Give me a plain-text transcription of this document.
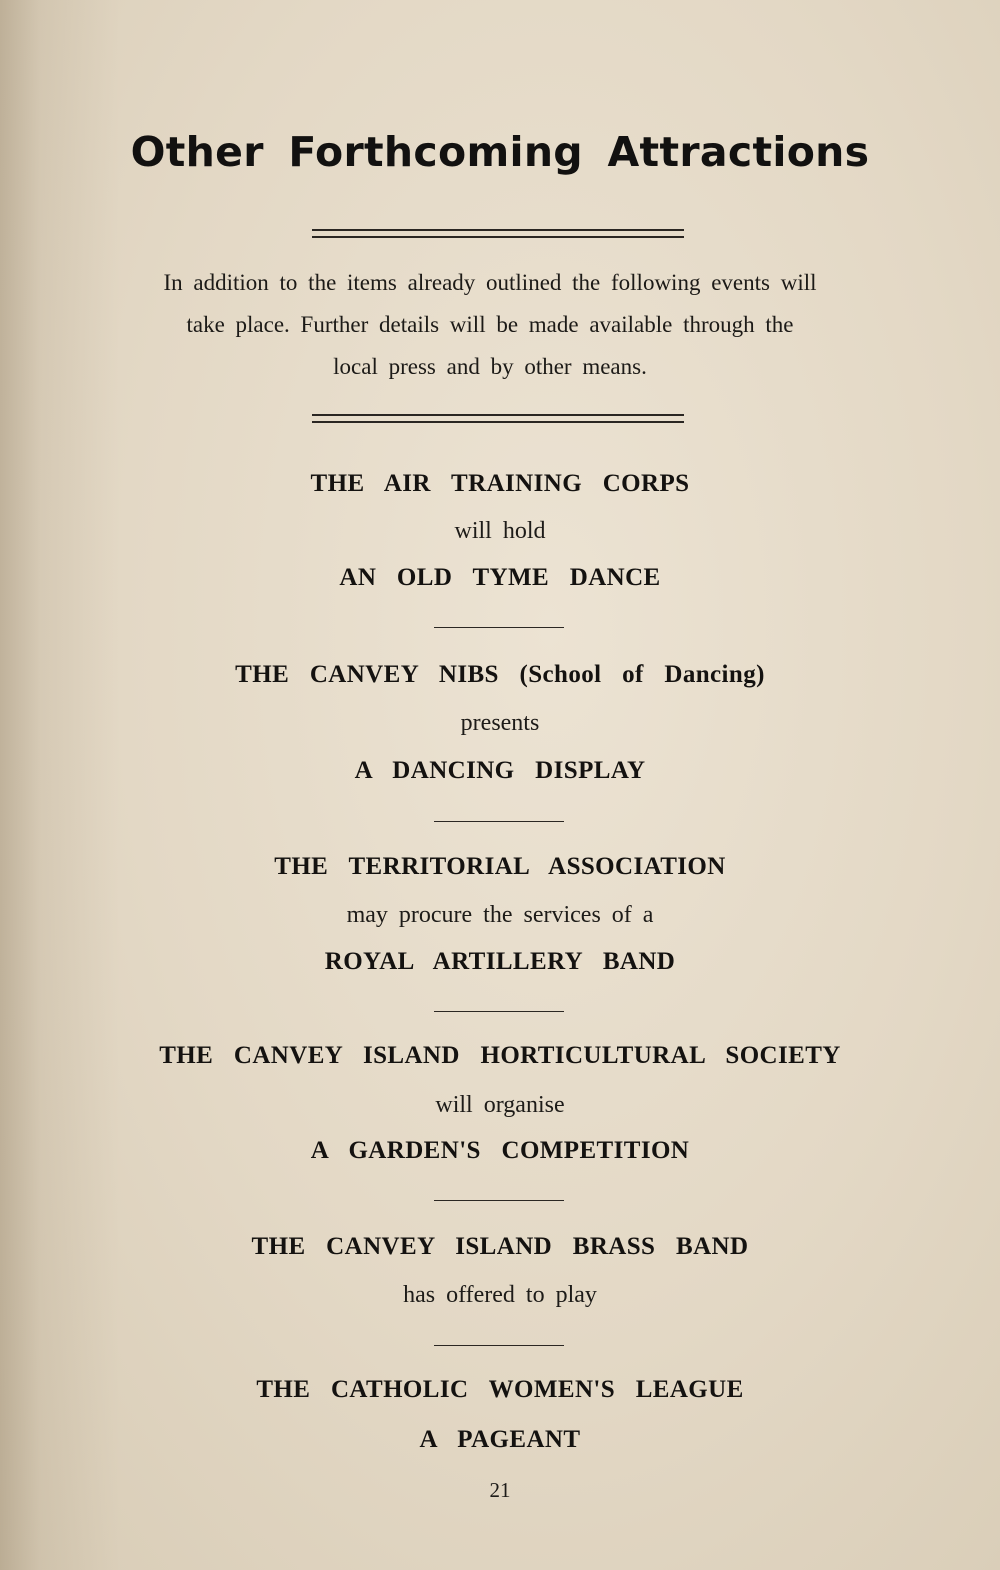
Other Forthcoming Attractions
In addition to the items already outlined the following events will take place. Further details will be made available through the local press and by other means.
THE AIR TRAINING CORPS
will hold
AN OLD TYME DANCE
THE CANVEY NIBS (School of Dancing)
presents
A DANCING DISPLAY
THE TERRITORIAL ASSOCIATION
may procure the services of a
ROYAL ARTILLERY BAND
THE CANVEY ISLAND HORTICULTURAL SOCIETY
will organise
A GARDEN'S COMPETITION
THE CANVEY ISLAND BRASS BAND
has offered to play
THE CATHOLIC WOMEN'S LEAGUE
A PAGEANT
21
